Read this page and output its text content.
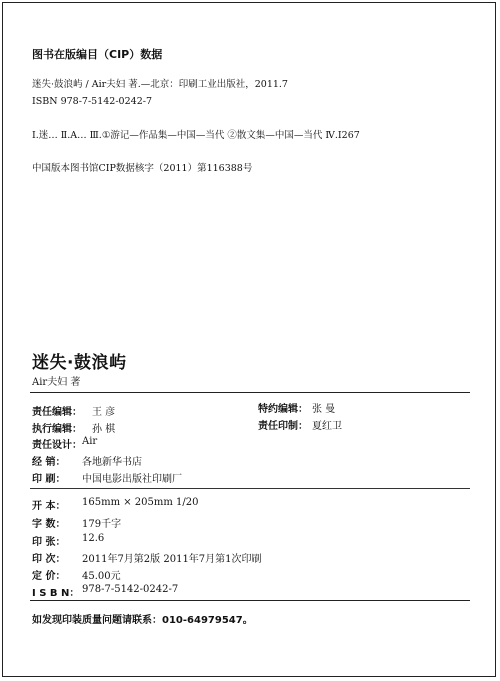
图书在版编目（CIP）数据
迷失·鼓浪屿 / Air夫妇 著.—北京：印刷工业出版社，2011.7
ISBN 978-7-5142-0242-7
Ⅰ.迷… Ⅱ.A… Ⅲ.①游记—作品集—中国—当代 ②散文集—中国—当代 Ⅳ.I267
中国版本图书馆CIP数据核字（2011）第116388号
迷失·鼓浪屿
Air夫妇 著
责任编辑： 王 彦	特约编辑： 张 曼
执行编辑： 孙 棋	责任印制： 夏红卫
责任设计： Air
经 销： 各地新华书店
印 刷： 中国电影出版社印刷厂
开 本： 165mm × 205mm 1/20
字 数： 179千字
印 张： 12.6
印 次： 2011年7月第2版 2011年7月第1次印刷
定 价： 45.00元
I S B N： 978-7-5142-0242-7
如发现印装质量问题请联系：010-64979547。
